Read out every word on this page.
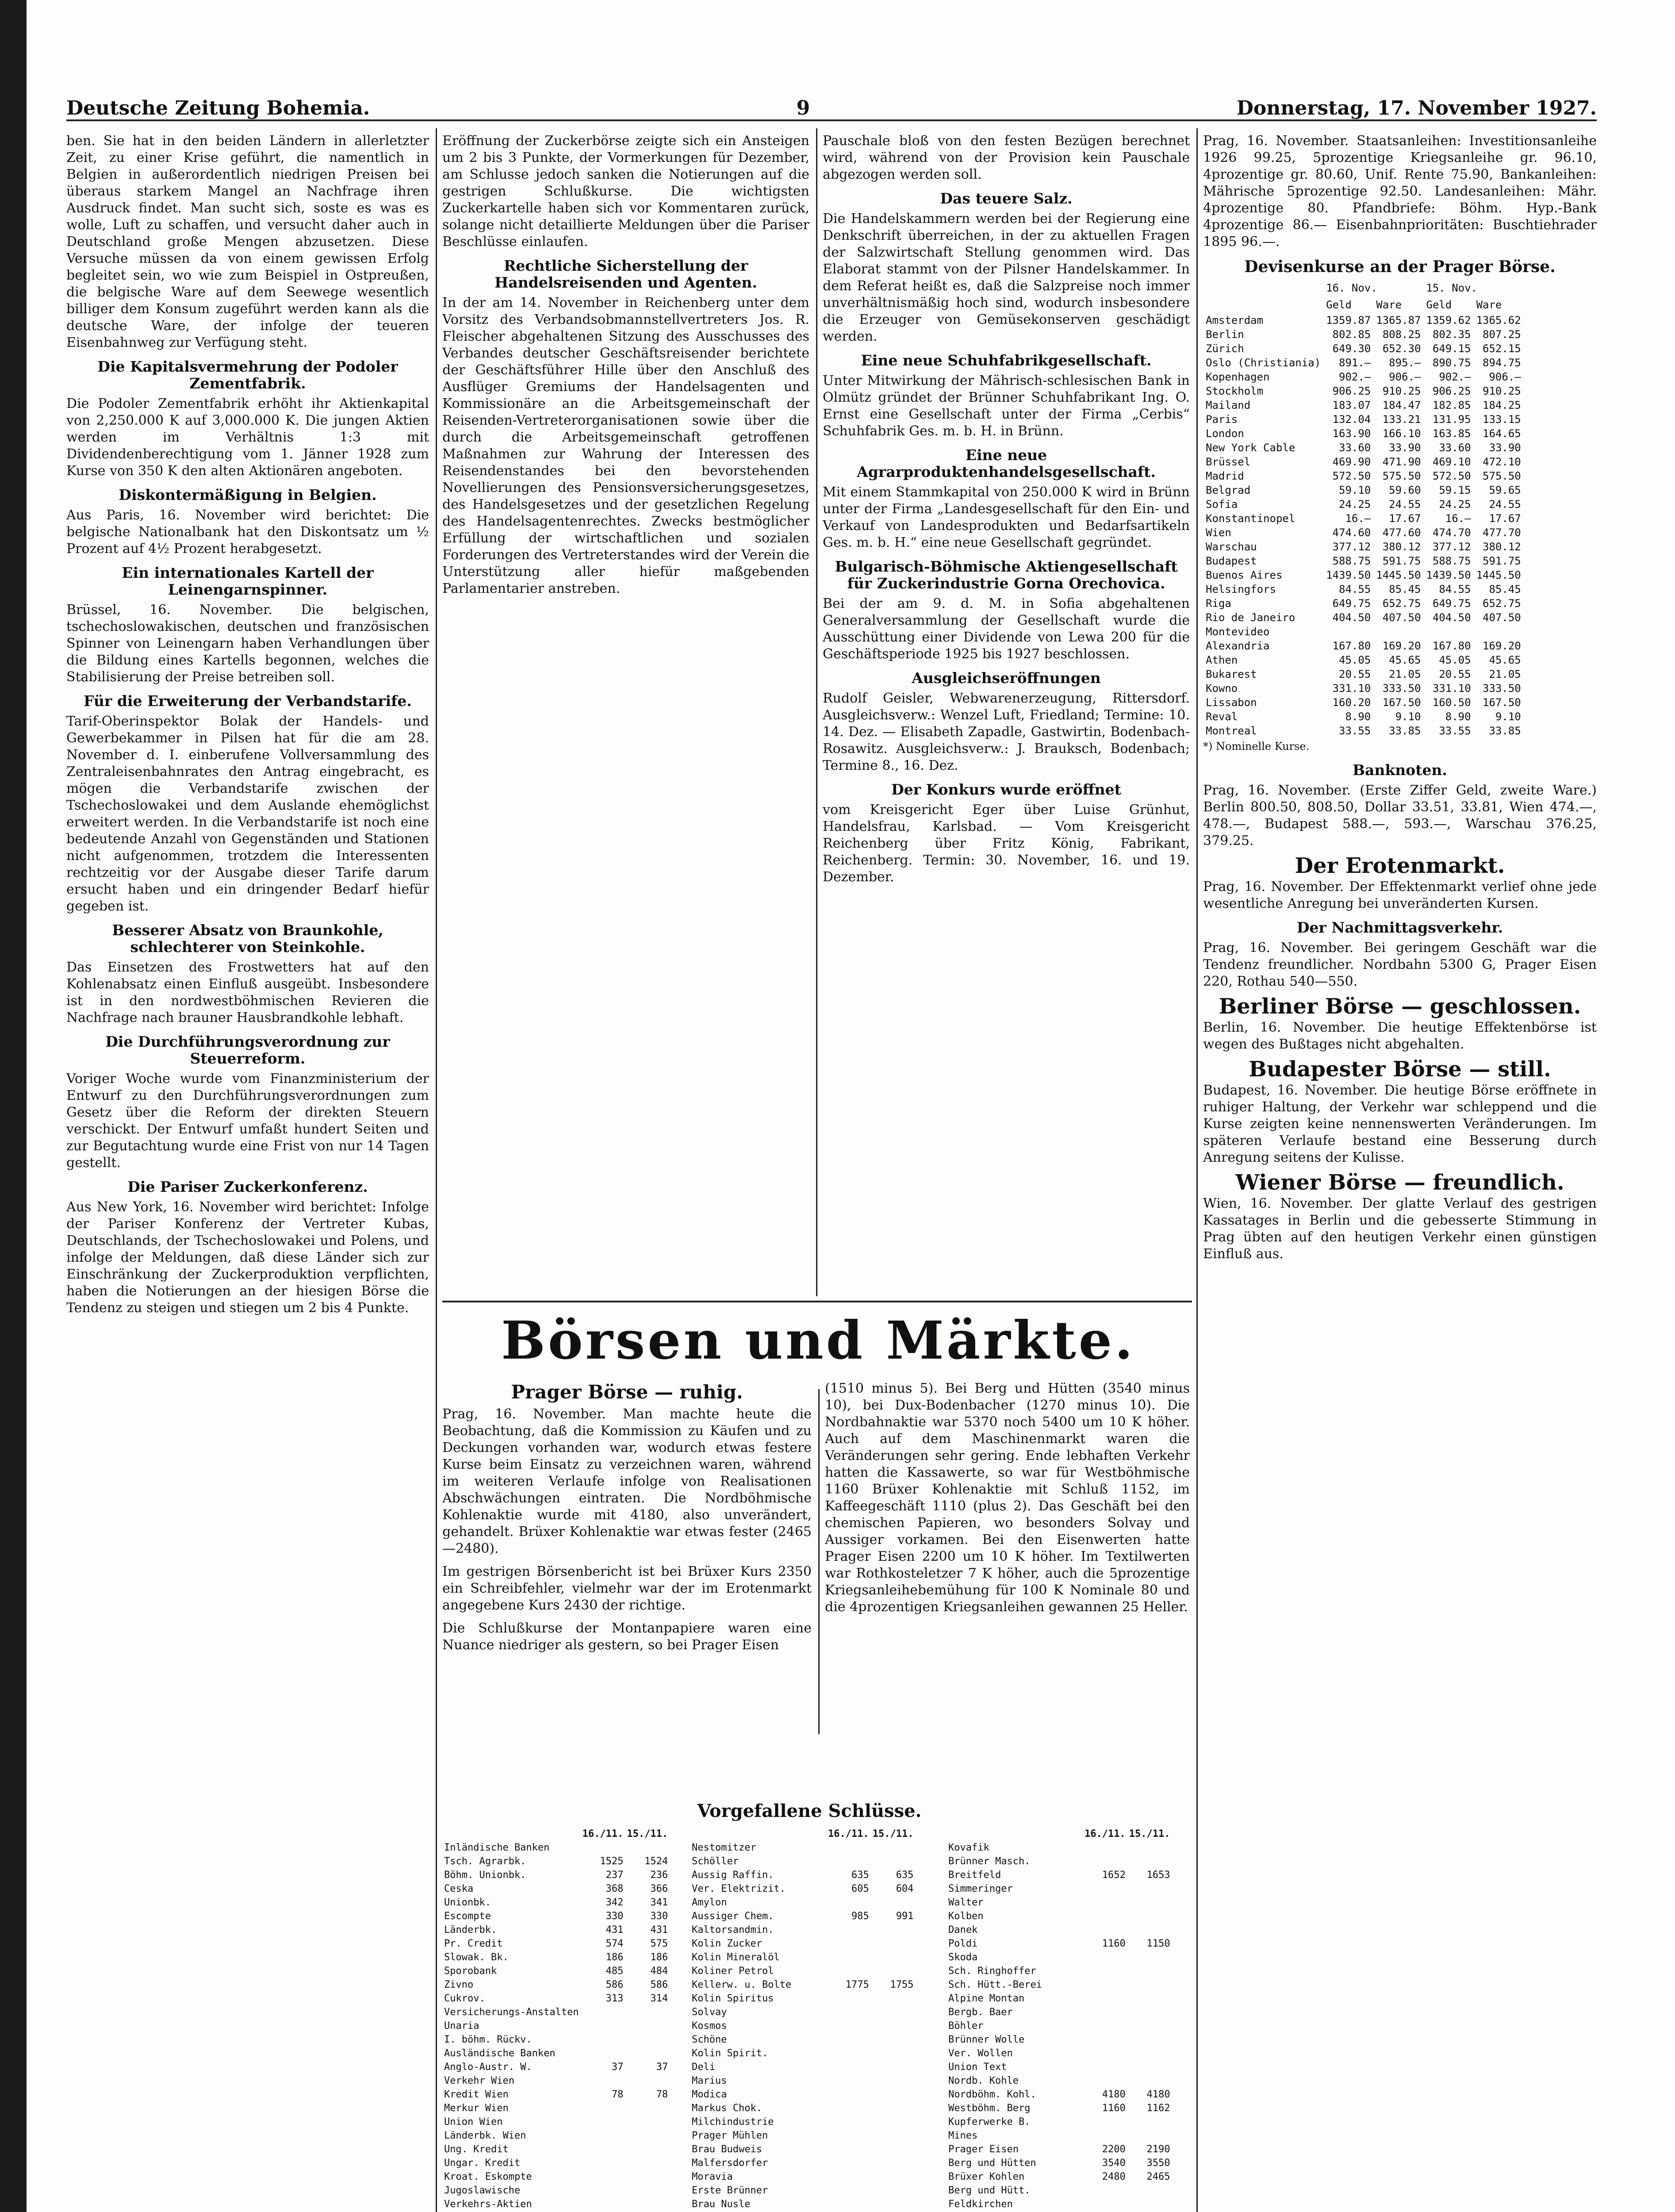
Deutsche Zeitung Bohemia.	9	Donnerstag, 17. November 1927.

ben. Sie hat in den beiden Ländern in allerletzter Zeit, zu einer Krise geführt, die namentlich in Belgien in außerordentlich niedrigen Preisen bei überaus starkem Mangel an Nachfrage ihren Ausdruck findet. Man sucht sich, soste es was es wolle, Luft zu schaffen, und versucht daher auch in Deutschland große Mengen abzusetzen. Diese Versuche müssen da von einem gewissen Erfolg begleitet sein, wo wie zum Beispiel in Ostpreußen, die belgische Ware auf dem Seewege wesentlich billiger dem Konsum zugeführt werden kann als die deutsche Ware, der infolge der teueren Eisenbahnweg zur Verfügung steht.

Die Kapitalsvermehrung der Podoler Zementfabrik.

Die Podoler Zementfabrik erhöht ihr Aktienkapital von 2,250.000 K auf 3,000.000 K. Die jungen Aktien werden im Verhältnis 1:3 mit Dividendenberechtigung vom 1. Jänner 1928 zum Kurse von 350 K den alten Aktionären angeboten.

Diskontermäßigung in Belgien.

Aus Paris, 16. November wird berichtet: Die belgische Nationalbank hat den Diskontsatz um ½ Prozent auf 4½ Prozent herabgesetzt.

Ein internationales Kartell der Leinengarnspinner.

Brüssel, 16. November. Die belgischen, tschechoslowakischen, deutschen und französischen Spinner von Leinengarn haben Verhandlungen über die Bildung eines Kartells begonnen, welches die Stabilisierung der Preise betreiben soll.

Für die Erweiterung der Verbandstarife.

Tarif-Oberinspektor Bolak der Handels- und Gewerbekammer in Pilsen hat für die am 28. November d. I. einberufene Vollversammlung des Zentraleisenbahnrates den Antrag eingebracht, es mögen die Verbandstarife zwischen der Tschechoslowakei und dem Auslande ehemöglichst erweitert werden. In die Verbandstarife ist noch eine bedeutende Anzahl von Gegenständen und Stationen nicht aufgenommen, trotzdem die Interessenten rechtzeitig vor der Ausgabe dieser Tarife darum ersucht haben und ein dringender Bedarf hiefür gegeben ist.

Besserer Absatz von Braunkohle, schlechterer von Steinkohle.

Das Einsetzen des Frostwetters hat auf den Kohlenabsatz einen Einfluß ausgeübt. Insbesondere ist in den nordwestböhmischen Revieren die Nachfrage nach brauner Hausbrandkohle lebhaft.

Die Durchführungsverordnung zur Steuerreform.

Voriger Woche wurde vom Finanzministerium der Entwurf zu den Durchführungsverordnungen zum Gesetz über die Reform der direkten Steuern verschickt. Der Entwurf umfaßt hundert Seiten und zur Begutachtung wurde eine Frist von nur 14 Tagen gestellt.

Die Pariser Zuckerkonferenz.

Aus New York, 16. November wird berichtet: Infolge der Pariser Konferenz der Vertreter Kubas, Deutschlands, der Tschechoslowakei und Polens, und infolge der Meldungen, daß diese Länder sich zur Einschränkung der Zuckerproduktion verpflichten, haben die Notierungen an der hiesigen Börse die Tendenz zu steigen und stiegen um 2 bis 4 Punkte.

Eröffnung der Zuckerbörse zeigte sich ein Ansteigen um 2 bis 3 Punkte, der Vormerkungen für Dezember, am Schlusse jedoch sanken die Notierungen auf die gestrigen Schlußkurse. Die wichtigsten Zuckerkartelle haben sich vor Kommentaren zurück, solange nicht detaillierte Meldungen über die Pariser Beschlüsse einlaufen.

Rechtliche Sicherstellung der Handelsreisenden und Agenten.

In der am 14. November in Reichenberg unter dem Vorsitz des Verbandsobmannstellvertreters Jos. R. Fleischer abgehaltenen Sitzung des Ausschusses des Verbandes deutscher Geschäftsreisender berichtete der Geschäftsführer Hille über den Anschluß des Ausflüger Gremiums der Handelsagenten und Kommissionäre an die Arbeitsgemeinschaft der Reisenden-Vertreterorganisationen sowie über die durch die Arbeitsgemeinschaft getroffenen Maßnahmen zur Wahrung der Interessen des Reisendenstandes bei den bevorstehenden Novellierungen des Pensionsversicherungsgesetzes, des Handelsgesetzes und der gesetzlichen Regelung des Handelsagentenrechtes. Zwecks bestmöglicher Erfüllung der wirtschaftlichen und sozialen Forderungen des Vertreterstandes wird der Verein die Unterstützung aller hiefür maßgebenden Parlamentarier anstreben.

Pauschale bloß von den festen Bezügen berechnet wird, während von der Provision kein Pauschale abgezogen werden soll.

Das teuere Salz.

Die Handelskammern werden bei der Regierung eine Denkschrift überreichen, in der zu aktuellen Fragen der Salzwirtschaft Stellung genommen wird. Das Elaborat stammt von der Pilsner Handelskammer. In dem Referat heißt es, daß die Salzpreise noch immer unverhältnismäßig hoch sind, wodurch insbesondere die Erzeuger von Gemüsekonserven geschädigt werden.

Eine neue Schuhfabrikgesellschaft.

Unter Mitwirkung der Mährisch-schlesischen Bank in Olmütz gründet der Brünner Schuhfabrikant Ing. O. Ernst eine Gesellschaft unter der Firma „Cerbis“ Schuhfabrik Ges. m. b. H. in Brünn.

Eine neue Agrarproduktenhandelsgesellschaft.

Mit einem Stammkapital von 250.000 K wird in Brünn unter der Firma „Landesgesellschaft für den Ein- und Verkauf von Landesprodukten und Bedarfsartikeln Ges. m. b. H.“ eine neue Gesellschaft gegründet.

Bulgarisch-Böhmische Aktiengesellschaft für Zuckerindustrie Gorna Orechovica.

Bei der am 9. d. M. in Sofia abgehaltenen Generalversammlung der Gesellschaft wurde die Ausschüttung einer Dividende von Lewa 200 für die Geschäftsperiode 1925 bis 1927 beschlossen.

Ausgleichseröffnungen

Rudolf Geisler, Webwarenerzeugung, Rittersdorf. Ausgleichsverw.: Wenzel Luft, Friedland; Termine: 10. 14. Dez. — Elisabeth Zapadle, Gastwirtin, Bodenbach-Rosawitz. Ausgleichsverw.: J. Brauksch, Bodenbach; Termine 8., 16. Dez.

Der Konkurs wurde eröffnet

vom Kreisgericht Eger über Luise Grünhut, Handelsfrau, Karlsbad. — Vom Kreisgericht Reichenberg über Fritz König, Fabrikant, Reichenberg. Termin: 30. November, 16. und 19. Dezember.

Börsen und Märkte.
Prager Börse — ruhig.

Prag, 16. November. Man machte heute die Beobachtung, daß die Kommission zu Käufen und zu Deckungen vorhanden war, wodurch etwas festere Kurse beim Einsatz zu verzeichnen waren, während im weiteren Verlaufe infolge von Realisationen Abschwächungen eintraten. Die Nordböhmische Kohlenaktie wurde mit 4180, also unverändert, gehandelt. Brüxer Kohlenaktie war etwas fester (2465—2480).

Im gestrigen Börsenbericht ist bei Brüxer Kurs 2350 ein Schreibfehler, vielmehr war der im Erotenmarkt angegebene Kurs 2430 der richtige.

Die Schlußkurse der Montanpapiere waren eine Nuance niedriger als gestern, so bei Prager Eisen

(1510 minus 5). Bei Berg und Hütten (3540 minus 10), bei Dux-Bodenbacher (1270 minus 10). Die Nordbahnaktie war 5370 noch 5400 um 10 K höher. Auch auf dem Maschinenmarkt waren die Veränderungen sehr gering. Ende lebhaften Verkehr hatten die Kassawerte, so war für Westböhmische 1160 Brüxer Kohlenaktie mit Schluß 1152, im Kaffeegeschäft 1110 (plus 2). Das Geschäft bei den chemischen Papieren, wo besonders Solvay und Aussiger vorkamen. Bei den Eisenwerten hatte Prager Eisen 2200 um 10 K höher. Im Textilwerten war Rothkosteletzer 7 K höher, auch die 5prozentige Kriegsanleihebemühung für 100 K Nominale 80 und die 4prozentigen Kriegsanleihen gewannen 25 Heller.

Vorgefallene Schlüsse.
	16./11.	15./11.
Inländische Banken		
Tsch. Agrarbk.	1525	1524
Böhm. Unionbk.	237	236
Ceska	368	366
Unionbk.	342	341
Escompte	330	330
Länderbk.	431	431
Pr. Credit	574	575
Slowak. Bk.	186	186
Sporobank	485	484
Zivno	586	586
Cukrov.	313	314
Versicherungs-Anstalten		
Unaria		
I. böhm. Rückv.		
Ausländische Banken		
Anglo-Austr. W.	37	37
Verkehr Wien		
Kredit Wien	78	78
Merkur Wien		
Union Wien		
Länderbk. Wien		
Ung. Kredit		
Ungar. Kredit		
Kroat. Eskompte		
Jugoslawische		
Verkehrs-Aktien		

	16./11.	15./11.
Nestomitzer		
Schöller		
Aussig Raffin.	635	635
Ver. Elektrizit.	605	604
Amylon		
Aussiger Chem.	985	991
Kaltorsandmin.		
Kolin Zucker		
Kolin Mineralöl		
Koliner Petrol		
Kellerw. u. Bolte	1775	1755
Kolin Spiritus		
Solvay		
Kosmos		
Schöne		
Kolin Spirit.		
Deli		
Marius		
Modica		
Markus Chok.		
Milchindustrie		
Prager Mühlen		
Brau Budweis		
Malfersdorfer		
Moravia		
Erste Brünner		
Brau Nusle		

	16./11.	15./11.
Kovafik		
Brünner Masch.		
Breitfeld	1652	1653
Simmeringer		
Walter		
Kolben		
Danek		
Poldi	1160	1150
Skoda		
Sch. Ringhoffer		
Sch. Hütt.-Berei		
Alpine Montan		
Bergb. Baer		
Böhler		
Brünner Wolle		
Ver. Wollen		
Union Text		
Nordb. Kohle		
Nordböhm. Kohl.	4180	4180
Westböhm. Berg	1160	1162
Kupferwerke B.		
Mines		
Prager Eisen	2200	2190
Berg und Hütten	3540	3550
Brüxer Kohlen	2480	2465
Berg und Hütt.		
Feldkirchen		

Prag, 16. November. Staatsanleihen: Investitionsanleihe 1926 99.25, 5prozentige Kriegsanleihe gr. 96.10, 4prozentige gr. 80.60, Unif. Rente 75.90, Bankanleihen: Mährische 5prozentige 92.50. Landesanleihen: Mähr. 4prozentige 80. Pfandbriefe: Böhm. Hyp.-Bank 4prozentige 86.— Eisenbahnprioritäten: Buschtiehrader 1895 96.—.

Devisenkurse an der Prager Börse.
	16. Nov.		15. Nov.	
	Geld	Ware	Geld	Ware
Amsterdam	1359.87	1365.87	1359.62	1365.62
Berlin	802.85	808.25	802.35	807.25
Zürich	649.30	652.30	649.15	652.15
Oslo (Christiania)	891.—	895.—	890.75	894.75
Kopenhagen	902.—	906.—	902.—	906.—
Stockholm	906.25	910.25	906.25	910.25
Mailand	183.07	184.47	182.85	184.25
Paris	132.04	133.21	131.95	133.15
London	163.90	166.10	163.85	164.65
New York Cable	33.60	33.90	33.60	33.90
Brüssel	469.90	471.90	469.10	472.10
Madrid	572.50	575.50	572.50	575.50
Belgrad	59.10	59.60	59.15	59.65
Sofia	24.25	24.55	24.25	24.55
Konstantinopel	16.—	17.67	16.—	17.67
Wien	474.60	477.60	474.70	477.70
Warschau	377.12	380.12	377.12	380.12
Budapest	588.75	591.75	588.75	591.75
Buenos Aires	1439.50	1445.50	1439.50	1445.50
Helsingfors	84.55	85.45	84.55	85.45
Riga	649.75	652.75	649.75	652.75
Rio de Janeiro	404.50	407.50	404.50	407.50
Montevideo				
Alexandria	167.80	169.20	167.80	169.20
Athen	45.05	45.65	45.05	45.65
Bukarest	20.55	21.05	20.55	21.05
Kowno	331.10	333.50	331.10	333.50
Lissabon	160.20	167.50	160.50	167.50
Reval	8.90	9.10	8.90	9.10
Montreal	33.55	33.85	33.55	33.85

*) Nominelle Kurse.

Banknoten.

Prag, 16. November. (Erste Ziffer Geld, zweite Ware.) Berlin 800.50, 808.50, Dollar 33.51, 33.81, Wien 474.—, 478.—, Budapest 588.—, 593.—, Warschau 376.25, 379.25.

Der Erotenmarkt.

Prag, 16. November. Der Effektenmarkt verlief ohne jede wesentliche Anregung bei unveränderten Kursen.

Der Nachmittagsverkehr.

Prag, 16. November. Bei geringem Geschäft war die Tendenz freundlicher. Nordbahn 5300 G, Prager Eisen 220, Rothau 540—550.

Berliner Börse — geschlossen.

Berlin, 16. November. Die heutige Effektenbörse ist wegen des Bußtages nicht abgehalten.

Budapester Börse — still.

Budapest, 16. November. Die heutige Börse eröffnete in ruhiger Haltung, der Verkehr war schleppend und die Kurse zeigten keine nennenswerten Veränderungen. Im späteren Verlaufe bestand eine Besserung durch Anregung seitens der Kulisse.

Wiener Börse — freundlich.

Wien, 16. November. Der glatte Verlauf des gestrigen Kassatages in Berlin und die gebesserte Stimmung in Prag übten auf den heutigen Verkehr einen günstigen Einfluß aus.
